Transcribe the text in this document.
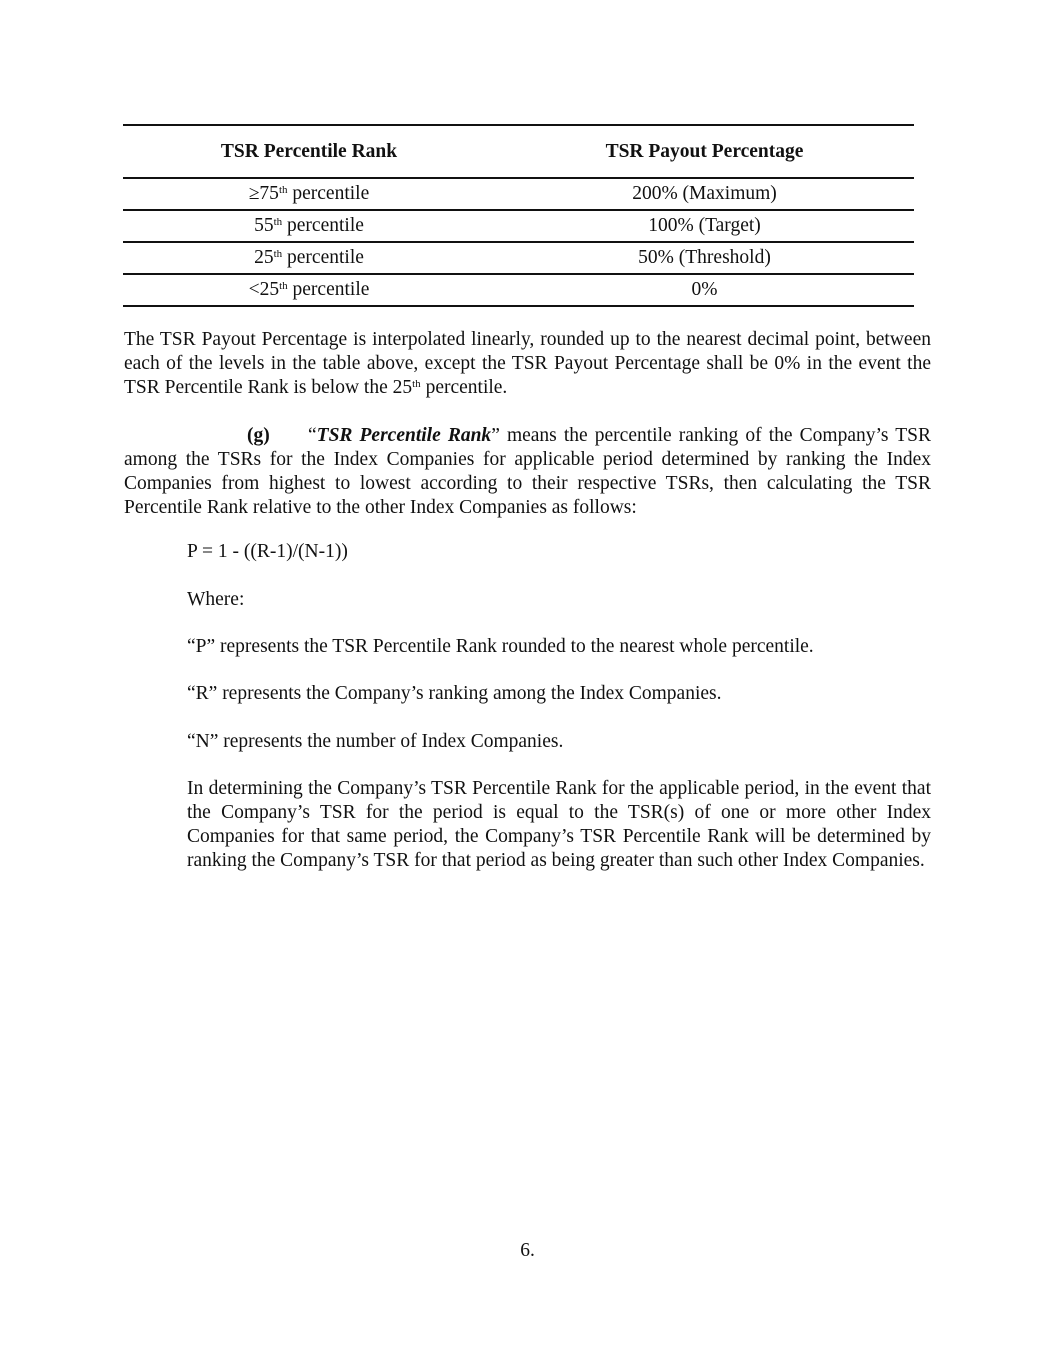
TSR Percentile Rank	TSR Payout Percentage
≥75th percentile	200% (Maximum)
55th percentile	100% (Target)
25th percentile	50% (Threshold)
<25th percentile	0%

The TSR Payout Percentage is interpolated linearly, rounded up to the nearest decimal point, between each of the levels in the table above, except the TSR Payout Percentage shall be 0% in the event the TSR Percentile Rank is below the 25th percentile.

(g) “TSR Percentile Rank” means the percentile ranking of the Company’s TSR among the TSRs for the Index Companies for applicable period determined by ranking the Index Companies from highest to lowest according to their respective TSRs, then calculating the TSR Percentile Rank relative to the other Index Companies as follows:

P = 1 - ((R-1)/(N-1))

Where:

“P” represents the TSR Percentile Rank rounded to the nearest whole percentile.

“R” represents the Company’s ranking among the Index Companies.

“N” represents the number of Index Companies.

In determining the Company’s TSR Percentile Rank for the applicable period, in the event that the Company’s TSR for the period is equal to the TSR(s) of one or more other Index Companies for that same period, the Company’s TSR Percentile Rank will be determined by ranking the Company’s TSR for that period as being greater than such other Index Companies.

6.
